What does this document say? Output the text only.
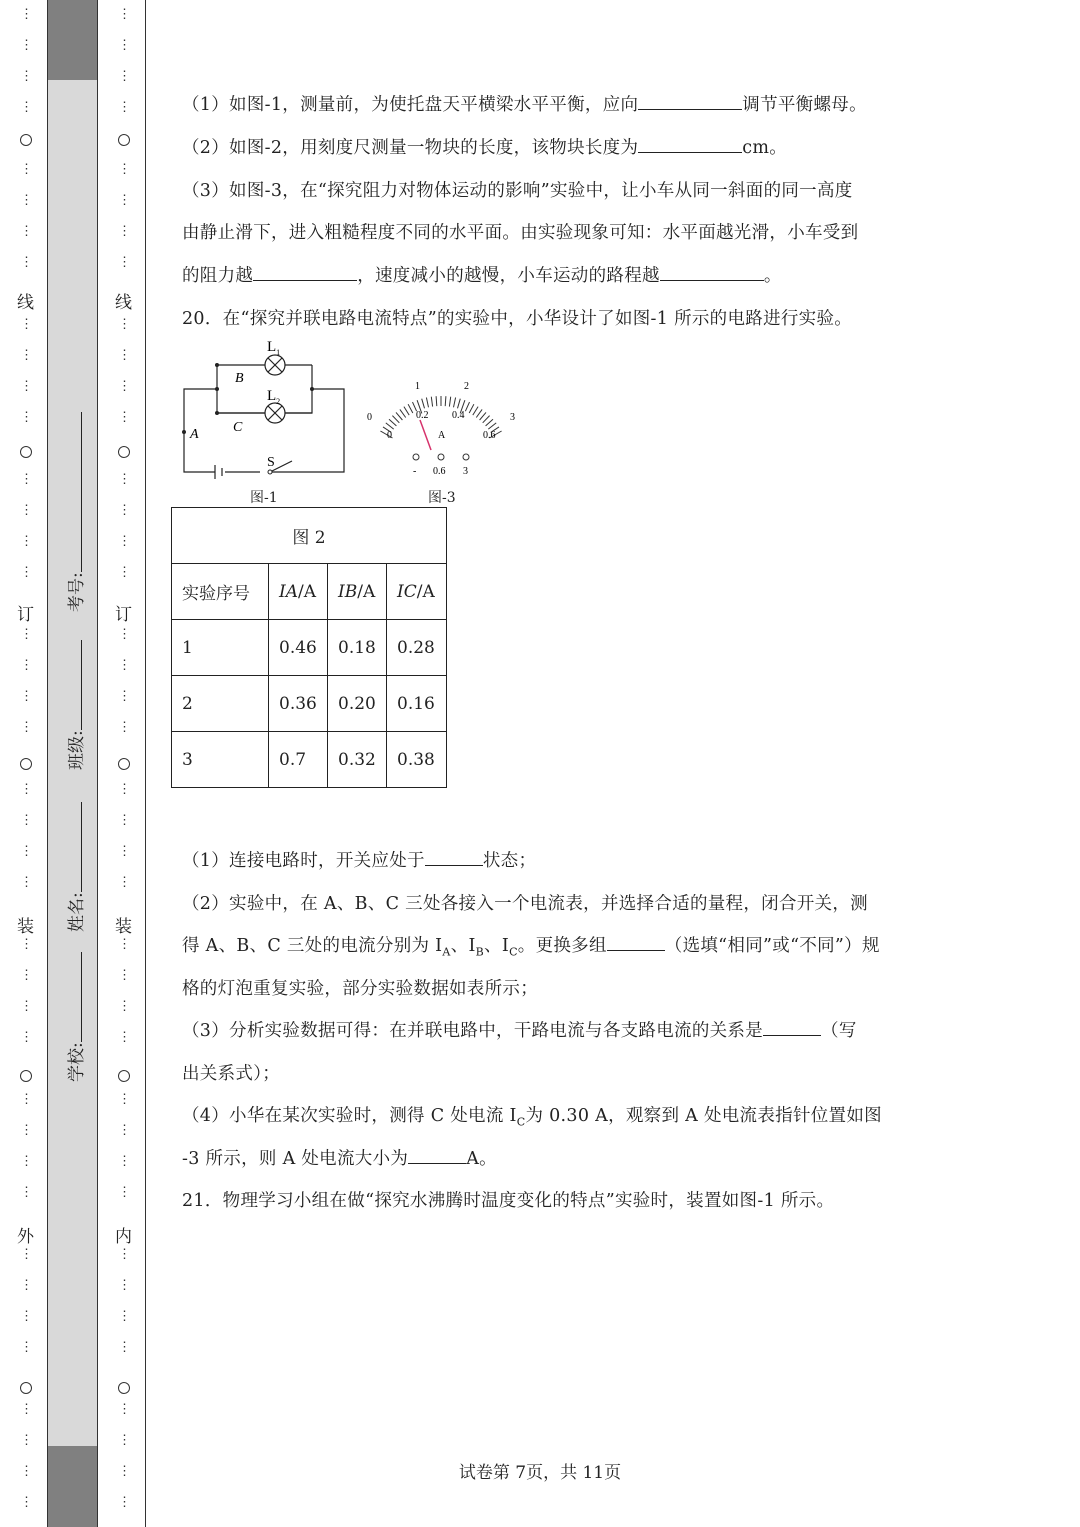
⋮
⋮
⋮
⋮
⋮
⋮
⋮
⋮
⋮
⋮
⋮
⋮
⋮
⋮
⋮
⋮
⋮
⋮
⋮
⋮
⋮
⋮
⋮
⋮
⋮
⋮
⋮
⋮
⋮
⋮
⋮
⋮
⋮
⋮
⋮
⋮
⋮
⋮
⋮
⋮
⋮
⋮
⋮
⋮
⋮
⋮
⋮
⋮
⋮
⋮
⋮
⋮
⋮
⋮
⋮
⋮
⋮
⋮
⋮
⋮
⋮
⋮
⋮
⋮
⋮
⋮
⋮
⋮
⋮
⋮
⋮
⋮
⋮
⋮
⋮
⋮
⋮
⋮
⋮
⋮
线
订
装
外
线
订
装
内
学校:
姓名:
班级:
考号:
（1）如图-1，测量前，为使托盘天平横梁水平平衡，应向	调节平衡螺母。
（2）如图-2，用刻度尺测量一物块的长度，该物块长度为	cm。
（3）如图-3，在“探究阻力对物体运动的影响”实验中，让小车从同一斜面的同一高度
由静止滑下，进入粗糙程度不同的水平面。由实验现象可知：水平面越光滑，小车受到
的阻力越	，速度减小的越慢，小车运动的路程越	。
20．在“探究并联电路电流特点”的实验中，小华设计了如图-1 所示的电路进行实验。
$L_1$
$L_2$
B
C
A
S
图-1
0
1	2
3
0
0.2 0.4
0.6
A
- 0.6 3
图-3
图 2			
实验序号	IA/A	IB/A	IC/A
1	0.46	0.18	0.28
2	0.36	0.20	0.16
3	0.7	0.32	0.38
（1）连接电路时，开关应处于	状态；
（2）实验中，在 A、B、C 三处各接入一个电流表，并选择合适的量程，闭合开关，测
得 A、B、C 三处的电流分别为 $I_A$、$I_B$、$I_C$。更换多组	（选填“相同”或“不同”）规
格的灯泡重复实验，部分实验数据如表所示；
（3）分析实验数据可得：在并联电路中，干路电流与各支路电流的关系是	（写
出关系式）；
（4）小华在某次实验时，测得 C 处电流 $I_C$为 0.30 A，观察到 A 处电流表指针位置如图
-3 所示，则 A 处电流大小为	A。
21．物理学习小组在做“探究水沸腾时温度变化的特点”实验时，装置如图-1 所示。
试卷第 7页，共 11页
